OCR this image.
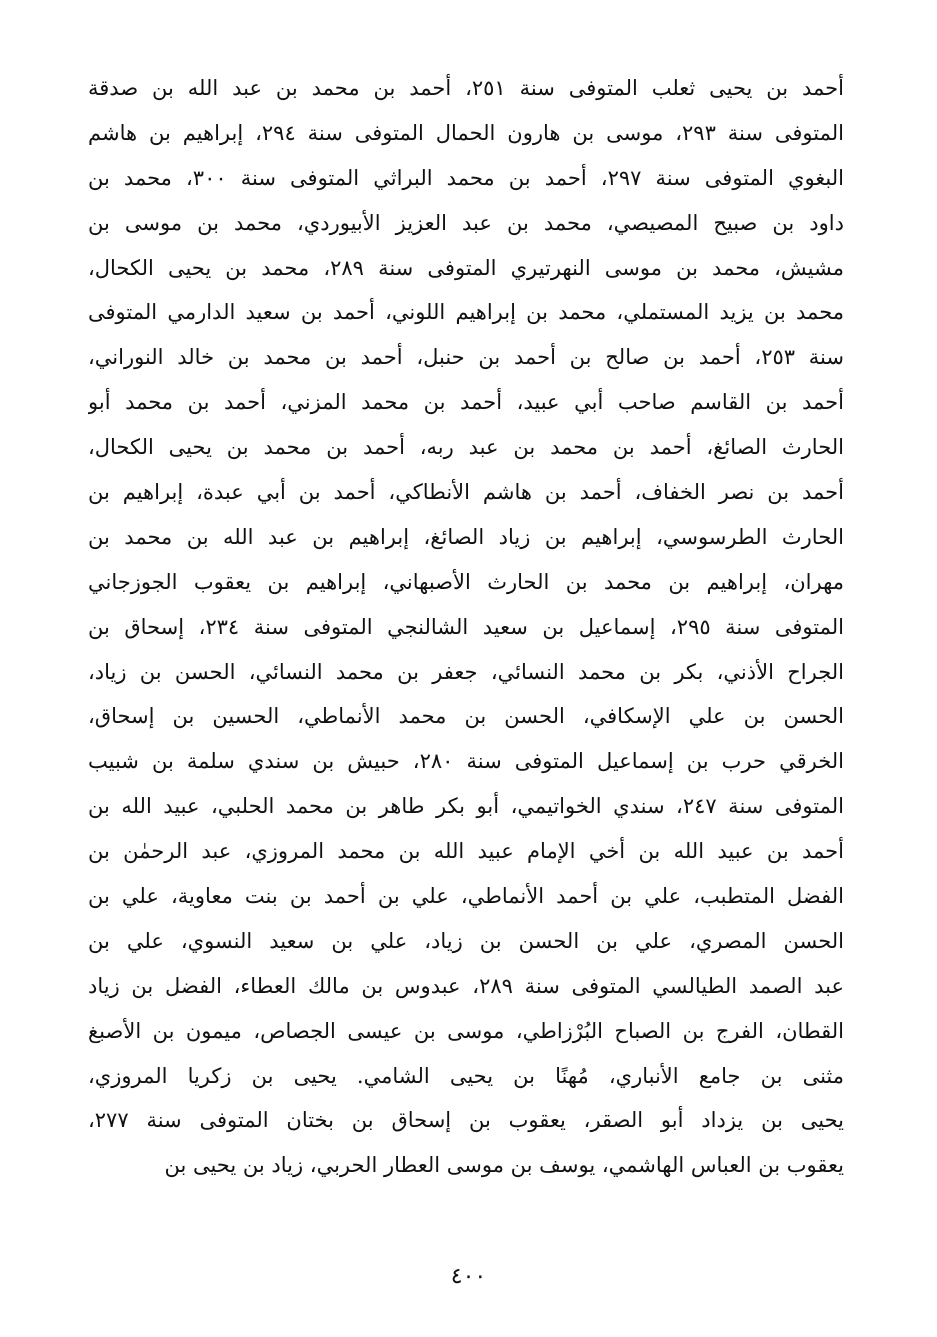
أحمد بن يحيى ثعلب المتوفى سنة ٢٥١، أحمد بن محمد بن عبد الله بن صدقة
المتوفى سنة ٢٩٣، موسى بن هارون الحمال المتوفى سنة ٢٩٤، إبراهيم بن هاشم
البغوي المتوفى سنة ٢٩٧، أحمد بن محمد البراثي المتوفى سنة ٣٠٠، محمد بن
داود بن صبيح المصيصي، محمد بن عبد العزيز الأبيوردي، محمد بن موسى بن
مشيش، محمد بن موسى النهرتيري المتوفى سنة ٢٨٩، محمد بن يحيى الكحال،
محمد بن يزيد المستملي، محمد بن إبراهيم اللوني، أحمد بن سعيد الدارمي المتوفى
سنة ٢٥٣، أحمد بن صالح بن أحمد بن حنبل، أحمد بن محمد بن خالد النوراني،
أحمد بن القاسم صاحب أبي عبيد، أحمد بن محمد المزني، أحمد بن محمد أبو
الحارث الصائغ، أحمد بن محمد بن عبد ربه، أحمد بن محمد بن يحيى الكحال،
أحمد بن نصر الخفاف، أحمد بن هاشم الأنطاكي، أحمد بن أبي عبدة، إبراهيم بن
الحارث الطرسوسي، إبراهيم بن زياد الصائغ، إبراهيم بن عبد الله بن محمد بن
مهران، إبراهيم بن محمد بن الحارث الأصبهاني، إبراهيم بن يعقوب الجوزجاني
المتوفى سنة ٢٩٥، إسماعيل بن سعيد الشالنجي المتوفى سنة ٢٣٤، إسحاق بن
الجراح الأذني، بكر بن محمد النسائي، جعفر بن محمد النسائي، الحسن بن زياد،
الحسن بن علي الإسكافي، الحسن بن محمد الأنماطي، الحسين بن إسحاق،
الخرقي حرب بن إسماعيل المتوفى سنة ٢٨٠، حبيش بن سندي سلمة بن شبيب
المتوفى سنة ٢٤٧، سندي الخواتيمي، أبو بكر طاهر بن محمد الحلبي، عبيد الله بن
أحمد بن عبيد الله بن أخي الإمام عبيد الله بن محمد المروزي، عبد الرحمٰن بن
الفضل المتطبب، علي بن أحمد الأنماطي، علي بن أحمد بن بنت معاوية، علي بن
الحسن المصري، علي بن الحسن بن زياد، علي بن سعيد النسوي، علي بن
عبد الصمد الطيالسي المتوفى سنة ٢٨٩، عبدوس بن مالك العطاء، الفضل بن زياد
القطان، الفرج بن الصباح البُرْزاطي، موسى بن عيسى الجصاص، ميمون بن الأصبغ
مثنى بن جامع الأنباري، مُهنًا بن يحيى الشامي. يحيى بن زكريا المروزي،
يحيى بن يزداد أبو الصقر، يعقوب بن إسحاق بن بختان المتوفى سنة ٢٧٧،
يعقوب بن العباس الهاشمي، يوسف بن موسى العطار الحربي، زياد بن يحيى بن
٤٠٠
